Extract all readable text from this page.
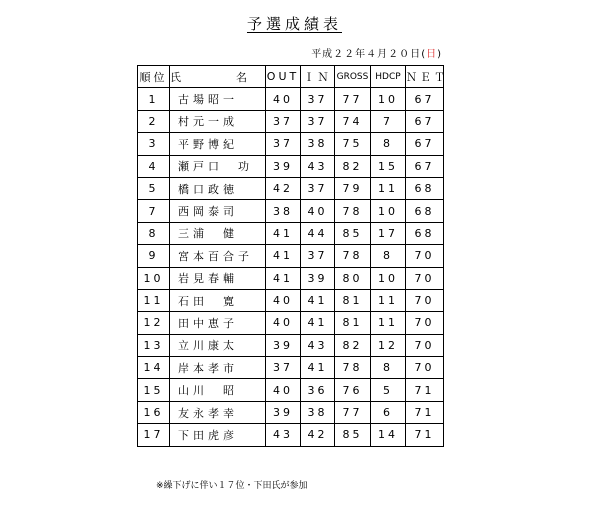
予選成績表
平成２２年４月２０日(日)
順位	氏　名	OUT	ＩＮ	GROSS	HDCP	ＮＥＴ
1	古場昭一	40	37	77	10	67
2	村元一成	37	37	74	7	67
3	平野博紀	37	38	75	8	67
4	瀬戸口　功	39	43	82	15	67
5	橋口政徳	42	37	79	11	68
7	西岡泰司	38	40	78	10	68
8	三浦　健	41	44	85	17	68
9	宮本百合子	41	37	78	8	70
10	岩見春輔	41	39	80	10	70
11	石田　寛	40	41	81	11	70
12	田中恵子	40	41	81	11	70
13	立川康太	39	43	82	12	70
14	岸本孝市	37	41	78	8	70
15	山川　昭	40	36	76	5	71
16	友永孝幸	39	38	77	6	71
17	下田虎彦	43	42	85	14	71
※繰下げに伴い１７位・下田氏が参加
